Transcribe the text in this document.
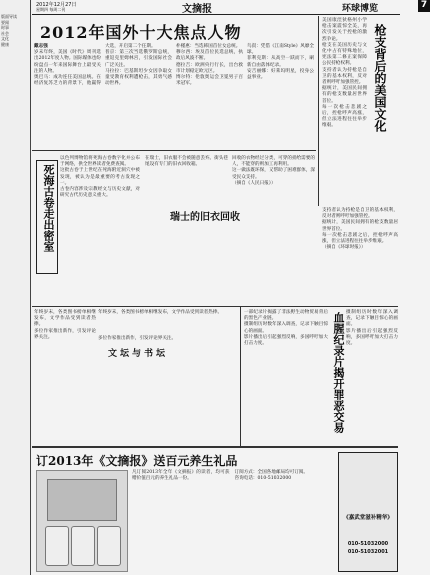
版面导读
要闻
时事
社会
文化
健康
2012年12月27日
星期四 每周二刊	文摘报	环球博览	7
2012年国外十大焦点人物
戴志强

岁末年终，美国《时代》周刊选出2012年度人物。国际媒体也纷纷盘点一年来国际舞台上最受关注的人物。

奥巴马：成功连任美国总统。在经济复苏乏力的背景下，他赢得大选，开启第二个任期。

普京：第三次当选俄罗斯总统，重返克里姆林宫，引发国际社会广泛关注。

马拉拉：巴基斯坦少女因争取女童受教育权利遭枪击，其勇气感动世界。

朴槿惠：当选韩国首位女总统。

穆尔西：埃及首位民选总统，执政后风波不断。

德拉吉：欧洲央行行长，出台救市计划稳定欧元区。

博尔特：伦敦奥运会卫冕男子百米冠军。

鸟叔：凭借《江南Style》风靡全球。

菲利克斯：从高空一跃而下，刷新自由落体纪录。

安吉丽娜：好莱坞明星，投身公益事业。

美国康涅狄格州小学枪击案震惊全美，再次引发关于控枪的激烈争论。

枪支在美国历史与文化中占有特殊地位，宪法第二修正案保障公民持枪权利。

支持者认为持枪是自卫的基本权利，反对者则呼吁加强管控。

据统计，美国民间拥有的枪支数量居世界首位。

每一次枪击悲剧之后，控枪呼声高涨，但立法进程往往举步维艰。	枪支背后的美国文化

支持者认为持枪是自卫的基本权利，反对者则呼吁加强管控。

据统计，美国民间拥有的枪支数量居世界首位。

每一次枪击悲剧之后，控枪呼声高涨，但立法进程往往举步维艰。

（摘自《环球时报》）

死海古卷走出密室

以色列博物馆将死海古卷数字化并公布于网络，供全世界读者免费查阅。

这批古卷于上世纪在死海附近洞穴中被发现，被认为是最重要的考古发现之一。

古卷内容涉及宗教经文与历史文献，对研究古代历史意义重大。

瑞士的旧衣回收

在瑞士，旧衣服不会被随意丢弃。街头巷尾设有专门的旧衣回收箱。

回收的衣物经过分类，可穿的捐给需要的人，不能穿的则加工再利用。

这一做法既环保，又帮助了困难群体，深受民众支持。

（摘自《人民日报》）

年终岁末，各类图书榜单相继发布，文学作品受到读者热捧。

多位作家推出新作，引发评论界关注。

文坛与书坛

年终岁末，各类图书榜单相继发布，文学作品受到读者热捧。

多位作家推出新作，引发评论界关注。

一部纪录片揭露了非法野生动物贸易背后的黑色产业链。

摄制组历时数年深入调查，记录下触目惊心的画面。

影片播出后引起强烈反响，多国呼吁加大打击力度。	血腥纪录片揭开罪恶交易 摄制组历时数年深入调查，记录下触目惊心的画面。

影片播出后引起强烈反响，多国呼吁加大打击力度。

订2013年《文摘报》送百元养生礼品

凡订阅2013年全年《文摘报》的读者，均可获赠价值百元的养生礼品一份。

订阅方式：全国各地邮局均可订阅。

咨询电话：010-51032000

《嘉武堂滋补精华》
010-51032000
010-51032001
